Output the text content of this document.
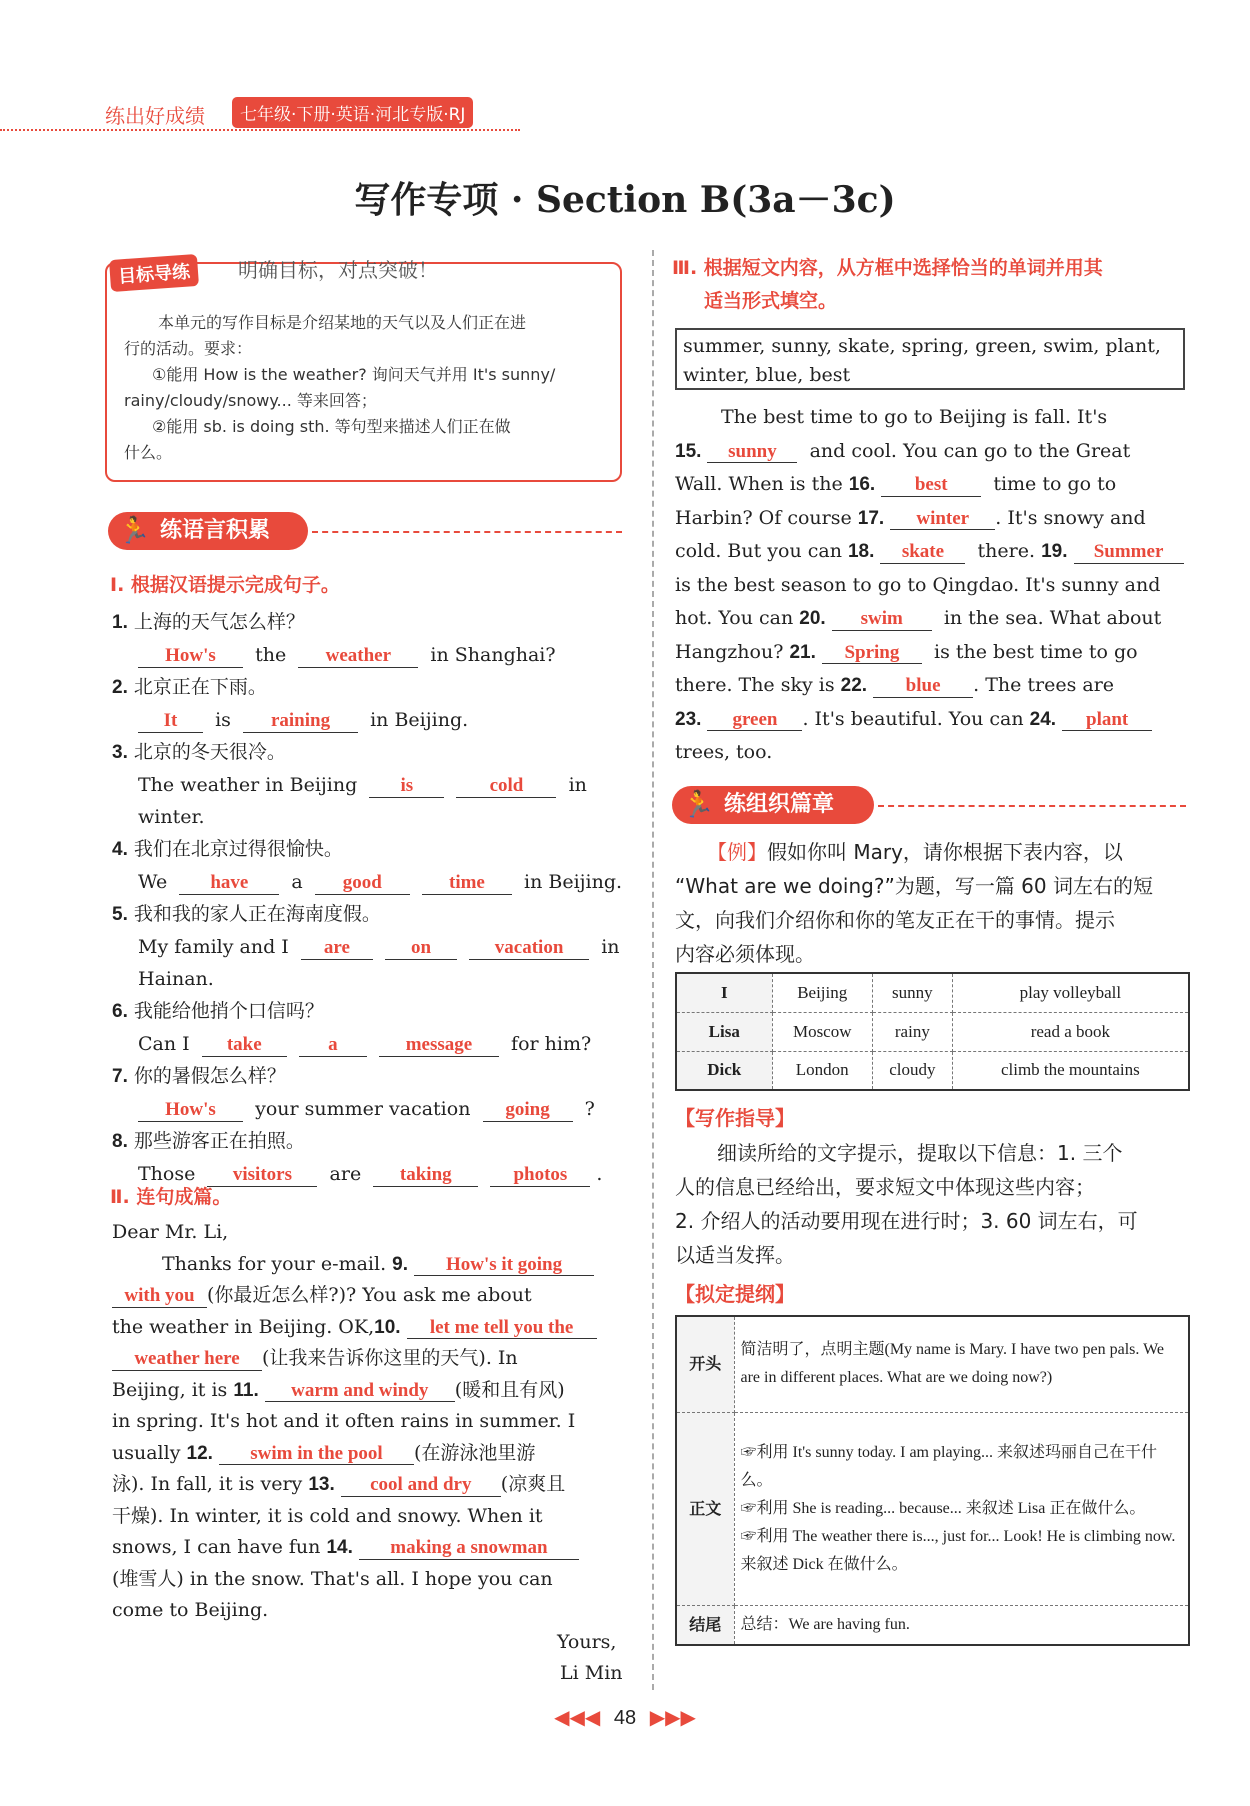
练出好成绩	七年级·下册·英语·河北专版·RJ
写作专项 · Section B(3a－3c)
目标导练	明确目标，对点突破！
本单元的写作目标是介绍某地的天气以及人们正在进
行的活动。要求：
①能用 How is the weather? 询问天气并用 It's sunny/
rainy/cloudy/snowy... 等来回答；
②能用 sb. is doing sth. 等句型来描述人们正在做
什么。
🏃 练语言积累
Ⅰ. 根据汉语提示完成句子。
1. 上海的天气怎么样？
How's the weather in Shanghai?
2. 北京正在下雨。
It is raining in Beijing.
3. 北京的冬天很冷。
The weather in Beijing is	cold in
winter.
4. 我们在北京过得很愉快。
We have a good	time in Beijing.
5. 我和我的家人正在海南度假。
My family and I are	on	vacation in
Hainan.
6. 我能给他捎个口信吗？
Can I take	a	message for him?
7. 你的暑假怎么样？
How's your summer vacation going ?
8. 那些游客正在拍照。
Those visitors are taking	photos .
Ⅱ. 连句成篇。
Dear Mr. Li,
Thanks for your e-mail. 9. How's it going
with you (你最近怎么样?)? You ask me about
the weather in Beijing. OK,10. let me tell you the
weather here (让我来告诉你这里的天气). In
Beijing, it is 11. warm and windy (暖和且有风)
in spring. It's hot and it often rains in summer. I
usually 12. swim in the pool (在游泳池里游
泳). In fall, it is very 13. cool and dry (凉爽且
干燥). In winter, it is cold and snowy. When it
snows, I can have fun 14. making a snowman
(堆雪人) in the snow. That's all. I hope you can
come to Beijing.
Yours,
Li Min
Ⅲ. 根据短文内容，从方框中选择恰当的单词并用其
适当形式填空。
summer, sunny, skate, spring, green, swim, plant,
winter, blue, best
The best time to go to Beijing is fall. It's
15. sunny and cool. You can go to the Great
Wall. When is the 16. best time to go to
Harbin? Of course 17. winter . It's snowy and
cold. But you can 18. skate there. 19. Summer
is the best season to go to Qingdao. It's sunny and
hot. You can 20. swim in the sea. What about
Hangzhou? 21. Spring is the best time to go
there. The sky is 22. blue . The trees are
23. green . It's beautiful. You can 24. plant
trees, too.
🏃 练组织篇章
【例】假如你叫 Mary，请你根据下表内容，以
“What are we doing?”为题，写一篇 60 词左右的短
文，向我们介绍你和你的笔友正在干的事情。提示
内容必须体现。
I	Beijing	sunny	play volleyball
Lisa	Moscow	rainy	read a book
Dick	London	cloudy	climb the mountains
【写作指导】
细读所给的文字提示，提取以下信息：1. 三个
人的信息已经给出，要求短文中体现这些内容；
2. 介绍人的活动要用现在进行时；3. 60 词左右，可
以适当发挥。
【拟定提纲】
开头	简洁明了，点明主题(My name is Mary. I have two pen pals. We are in different places. What are we doing now?)
正文	☞利用 It's sunny today. I am playing... 来叙述玛丽自己在干什么。
☞利用 She is reading... because... 来叙述 Lisa 正在做什么。
☞利用 The weather there is..., just for... Look! He is climbing now. 来叙述 Dick 在做什么。

结尾	总结：We are having fun.
◀◀◀ 48 ▶▶▶
